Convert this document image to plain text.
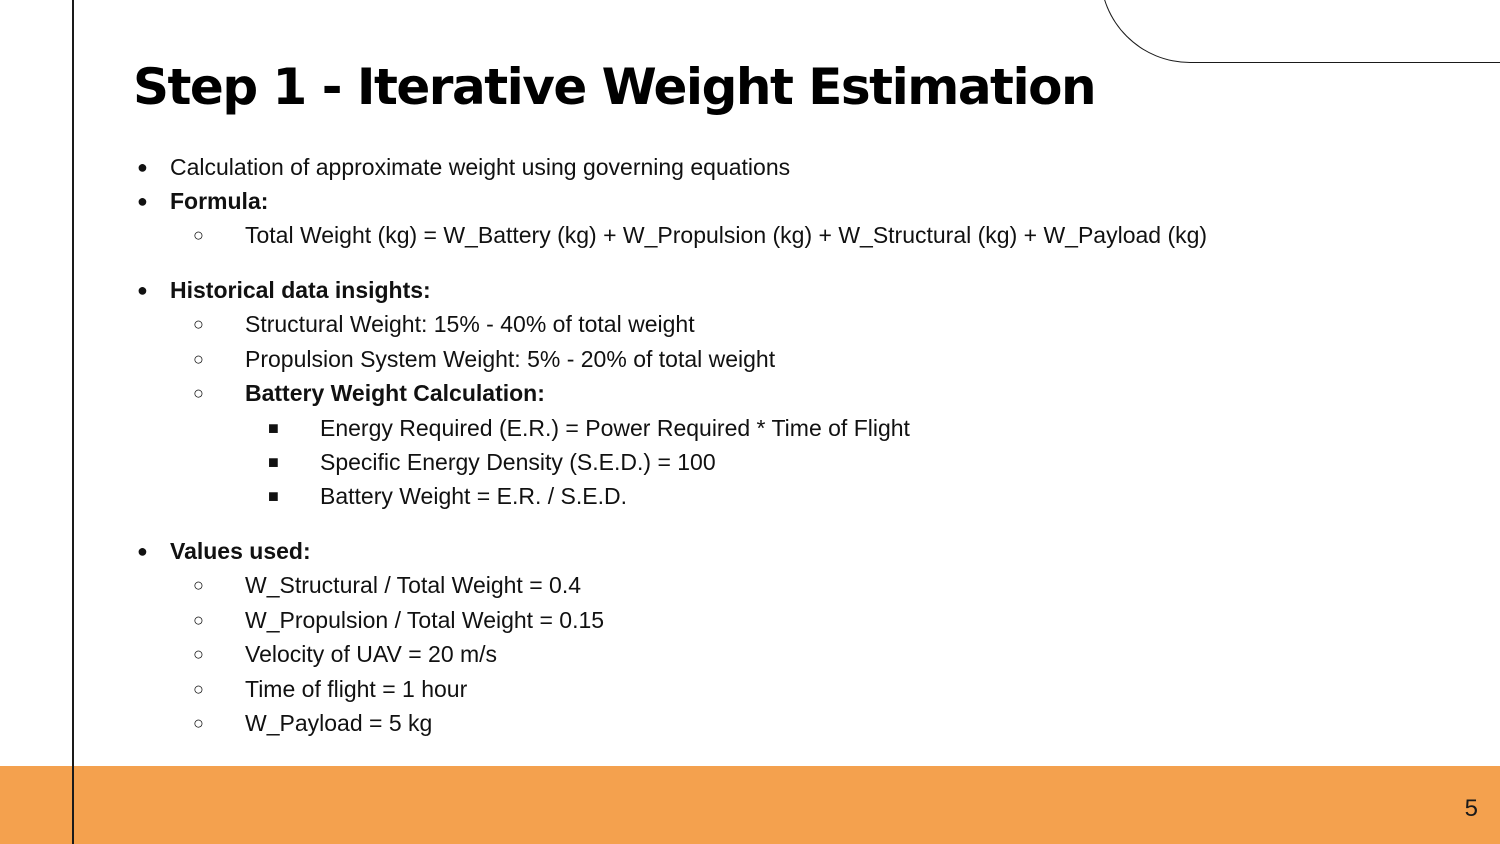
Step 1 - Iterative Weight Estimation
● Calculation of approximate weight using governing equations
● Formula:
○ Total Weight (kg) = W_Battery (kg) + W_Propulsion (kg) + W_Structural (kg) + W_Payload (kg)
● Historical data insights:
○ Structural Weight: 15% - 40% of total weight
○ Propulsion System Weight: 5% - 20% of total weight
○ Battery Weight Calculation:
■ Energy Required (E.R.) = Power Required * Time of Flight
■ Specific Energy Density (S.E.D.) = 100
■ Battery Weight = E.R. / S.E.D.
● Values used:
○ W_Structural / Total Weight = 0.4
○ W_Propulsion / Total Weight = 0.15
○ Velocity of UAV = 20 m/s
○ Time of flight = 1 hour
○ W_Payload = 5 kg
5
